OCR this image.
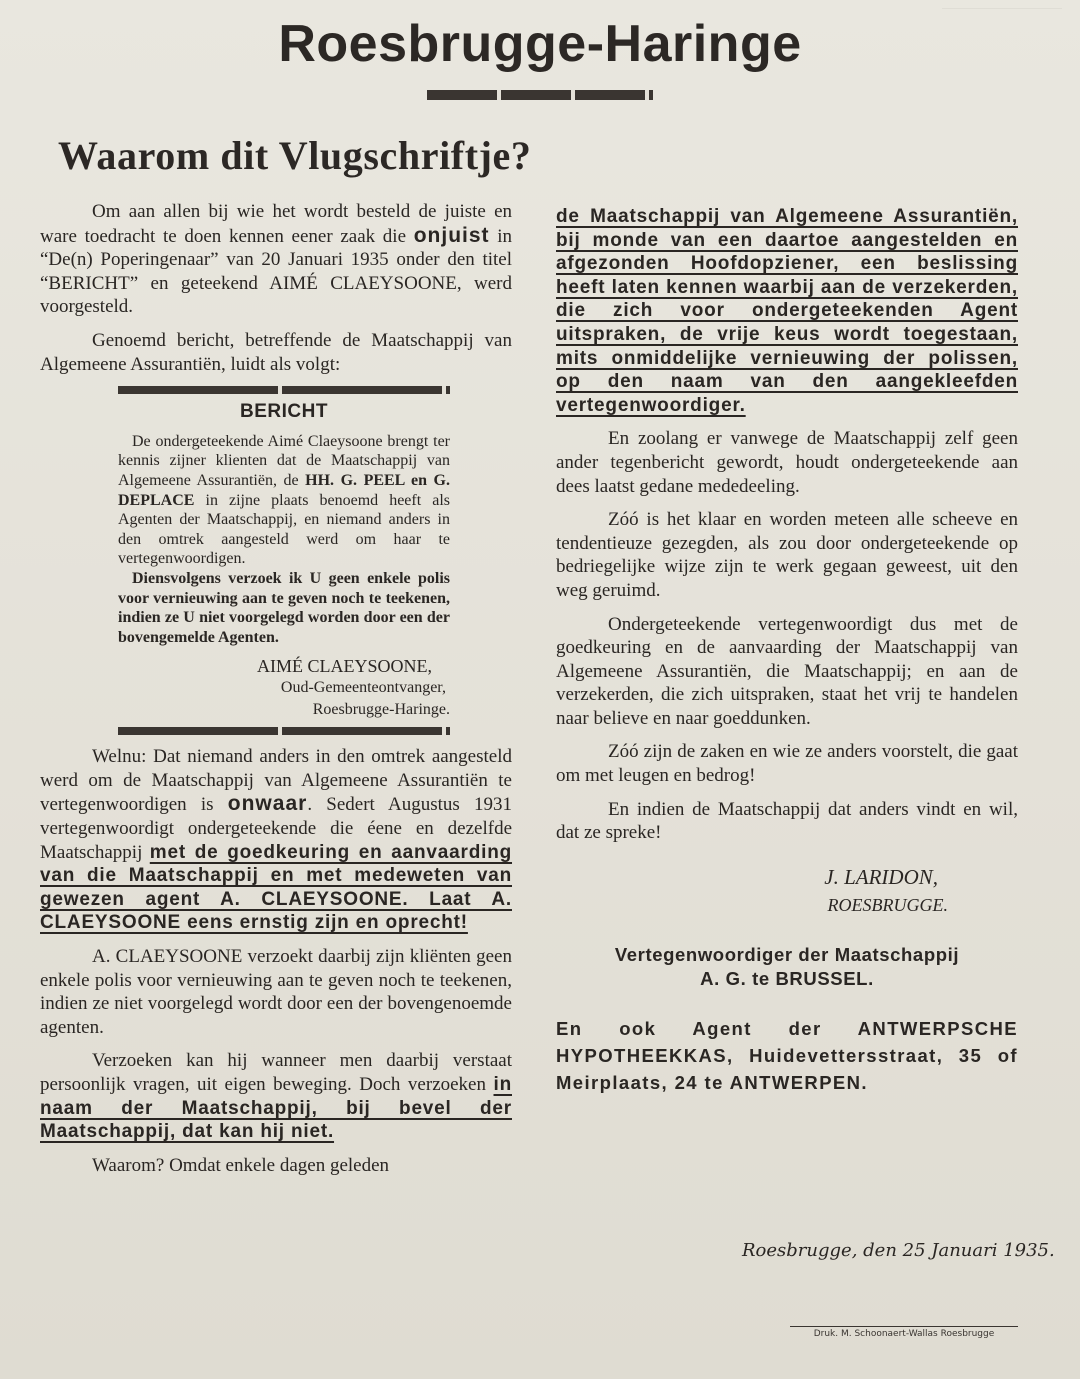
Roesbrugge-Haringe
Waarom dit Vlugschriftje?

Om aan allen bij wie het wordt besteld de juiste en ware toedracht te doen kennen eener zaak die onjuist in “De(n) Poperingenaar” van 20 Januari 1935 onder den titel “BERICHT” en geteekend AIMÉ CLAEYSOONE, werd voorgesteld.

Genoemd bericht, betreffende de Maatschappij van Algemeene Assurantiën, luidt als volgt:

BERICHT

De ondergeteekende Aimé Claeysoone brengt ter kennis zijner klienten dat de Maatschappij van Algemeene Assurantiën, de HH. G. PEEL en G. DEPLACE in zijne plaats benoemd heeft als Agenten der Maatschappij, en niemand anders in den omtrek aangesteld werd om haar te vertegenwoordigen.

Diensvolgens verzoek ik U geen enkele polis voor vernieuwing aan te geven noch te teekenen, indien ze U niet voorgelegd worden door een der bovengemelde Agenten.

AIMÉ CLAEYSOONE,
Oud-Gemeenteontvanger,
Roesbrugge-Haringe.

Welnu: Dat niemand anders in den omtrek aangesteld werd om de Maatschappij van Algemeene Assurantiën te vertegenwoordigen is onwaar. Sedert Augustus 1931 vertegenwoordigt ondergeteekende die éene en dezelfde Maatschappij met de goedkeuring en aanvaarding van die Maatschappij en met medeweten van gewezen agent A. CLAEYSOONE. Laat A. CLAEYSOONE eens ernstig zijn en oprecht!

A. CLAEYSOONE verzoekt daarbij zijn kliënten geen enkele polis voor vernieuwing aan te geven noch te teekenen, indien ze niet voorgelegd wordt door een der bovengenoemde agenten.

Verzoeken kan hij wanneer men daarbij verstaat persoonlijk vragen, uit eigen beweging. Doch verzoeken in naam der Maatschappij, bij bevel der Maatschappij, dat kan hij niet.

Waarom? Omdat enkele dagen geleden

de Maatschappij van Algemeene Assurantiën, bij monde van een daartoe aangestelden en afgezonden Hoofdopziener, een beslissing heeft laten kennen waarbij aan de verzekerden, die zich voor ondergeteekenden Agent uitspraken, de vrije keus wordt toegestaan, mits onmiddelijke vernieuwing der polissen, op den naam van den aangekleefden vertegenwoordiger.

En zoolang er vanwege de Maatschappij zelf geen ander tegenbericht gewordt, houdt ondergeteekende aan dees laatst gedane mededeeling.

Zóó is het klaar en worden meteen alle scheeve en tendentieuze gezegden, als zou door ondergeteekende op bedriegelijke wijze zijn te werk gegaan geweest, uit den weg geruimd.

Ondergeteekende vertegenwoordigt dus met de goedkeuring en de aanvaarding der Maatschappij van Algemeene Assurantiën, die Maatschappij; en aan de verzekerden, die zich uitspraken, staat het vrij te handelen naar believe en naar goeddunken.

Zóó zijn de zaken en wie ze anders voorstelt, die gaat om met leugen en bedrog!

En indien de Maatschappij dat anders vindt en wil, dat ze spreke!

J. LARIDON,
ROESBRUGGE.

Vertegenwoordiger der Maatschappij
A. G. te BRUSSEL.

En ook Agent der ANTWERPSCHE HYPOTHEEKKAS, Huidevettersstraat, 35 of Meirplaats, 24 te ANTWERPEN.

Roesbrugge, den 25 Januari 1935.
Druk. M. Schoonaert-Wallas Roesbrugge
